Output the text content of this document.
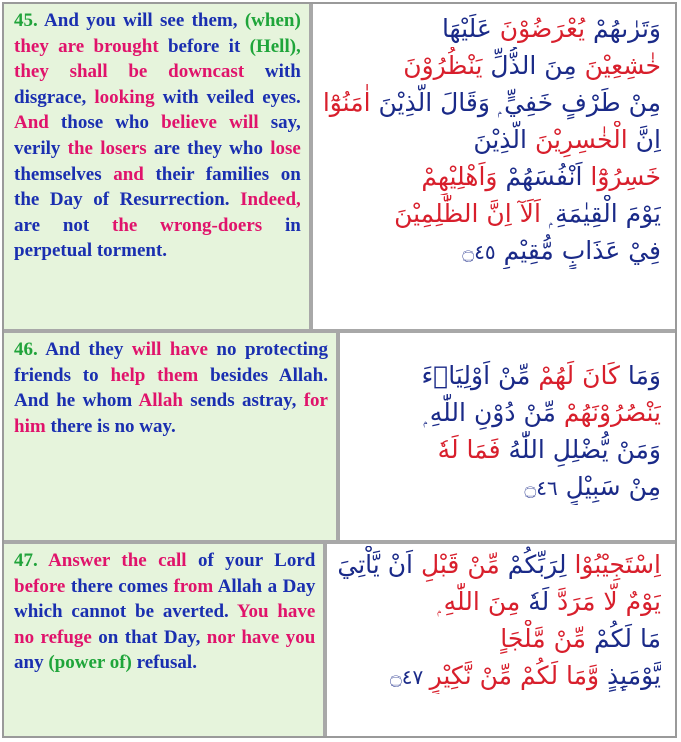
45. And you will see them, (when) they are brought before it (Hell), they shall be downcast with disgrace, looking with veiled eyes. And those who believe will say, verily the losers are they who lose themselves and their families on the Day of Resurrection. Indeed, are not the wrong-doers in perpetual torment.
وَتَرٰىهُمْ يُعْرَضُوْنَ عَلَيْهَا
خٰشِعِيْنَ مِنَ الذُّلِّ يَنْظُرُوْنَ
مِنْ طَرْفٍ خَفِيٍّ ۭ وَقَالَ الَّذِيْنَ اٰمَنُوْٓا
اِنَّ الْخٰسِرِيْنَ الَّذِيْنَ
خَسِرُوْٓا اَنْفُسَهُمْ وَاَهْلِيْهِمْ
يَوْمَ الْقِيٰمَةِ ۭ اَلَآ اِنَّ الظّٰلِمِيْنَ
فِيْ عَذَابٍ مُّقِيْمٍ ۝٤٥
46. And they will have no protecting friends to help them besides Allah. And he whom Allah sends astray, for him there is no way.
وَمَا كَانَ لَهُمْ مِّنْ اَوْلِيَاۗءَ
يَنْصُرُوْنَهُمْ مِّنْ دُوْنِ اللّٰهِ ۭ
وَمَنْ يُّضْلِلِ اللّٰهُ فَمَا لَهٗ
مِنْ سَبِيْلٍ ۝٤٦
47. Answer the call of your Lord before there comes from Allah a Day which cannot be averted. You have no refuge on that Day, nor have you any (power of) refusal.
اِسْتَجِيْبُوْا لِرَبِّكُمْ مِّنْ قَبْلِ اَنْ يَّاْتِيَ
يَوْمٌ لَّا مَرَدَّ لَهٗ مِنَ اللّٰهِ ۭ
مَا لَكُمْ مِّنْ مَّلْجَاٍ
يَّوْمَىِٕذٍ وَّمَا لَكُمْ مِّنْ نَّكِيْرٍ ۝٤٧
